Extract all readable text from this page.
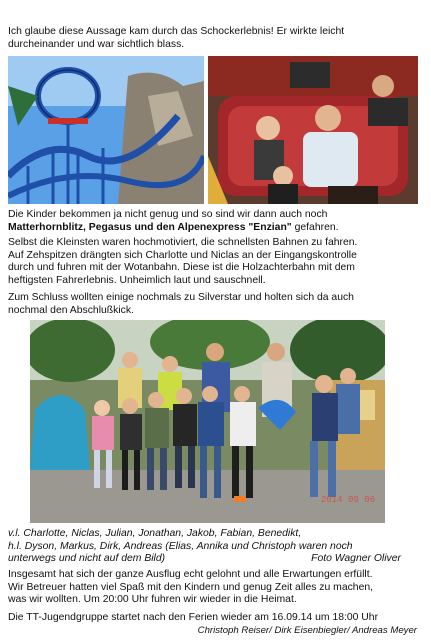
Ich glaube diese Aussage kam durch das Schockerlebnis! Er wirkte leicht
durcheinander und war sichtlich blass.

Die Kinder bekommen ja nicht genug und so sind wir dann auch noch
Matterhornblitz, Pegasus und den Alpenexpress "Enzian" gefahren.

Selbst die Kleinsten waren hochmotiviert, die schnellsten Bahnen zu fahren.
Auf Zehspitzen drängten sich Charlotte und Niclas an der Eingangskontrolle
durch und fuhren mit der Wotanbahn. Diese ist die Holzachterbahn mit dem
heftigsten Fahrerlebnis. Unheimlich laut und sauschnell.

Zum Schluss wollten einige nochmals zu Silverstar und holten sich da auch
nochmal den Abschlußkick.

2014 09 06
v.l. Charlotte, Niclas, Julian, Jonathan, Jakob, Fabian, Benedikt,
h.l. Dyson, Markus, Dirk, Andreas (Elias, Annika und Christoph waren noch
unterwegs und nicht auf dem Bild)	Foto Wagner Oliver

Insgesamt hat sich der ganze Ausflug echt gelohnt und alle Erwartungen erfüllt.
Wir Betreuer hatten viel Spaß mit den Kindern und genug Zeit alles zu machen,
was wir wollten. Um 20:00 Uhr fuhren wir wieder in die Heimat.

Die TT-Jugendgruppe startet nach den Ferien wieder am 16.09.14 um 18:00 Uhr

Christoph Reiser/ Dirk Eisenbiegler/ Andreas Meyer
